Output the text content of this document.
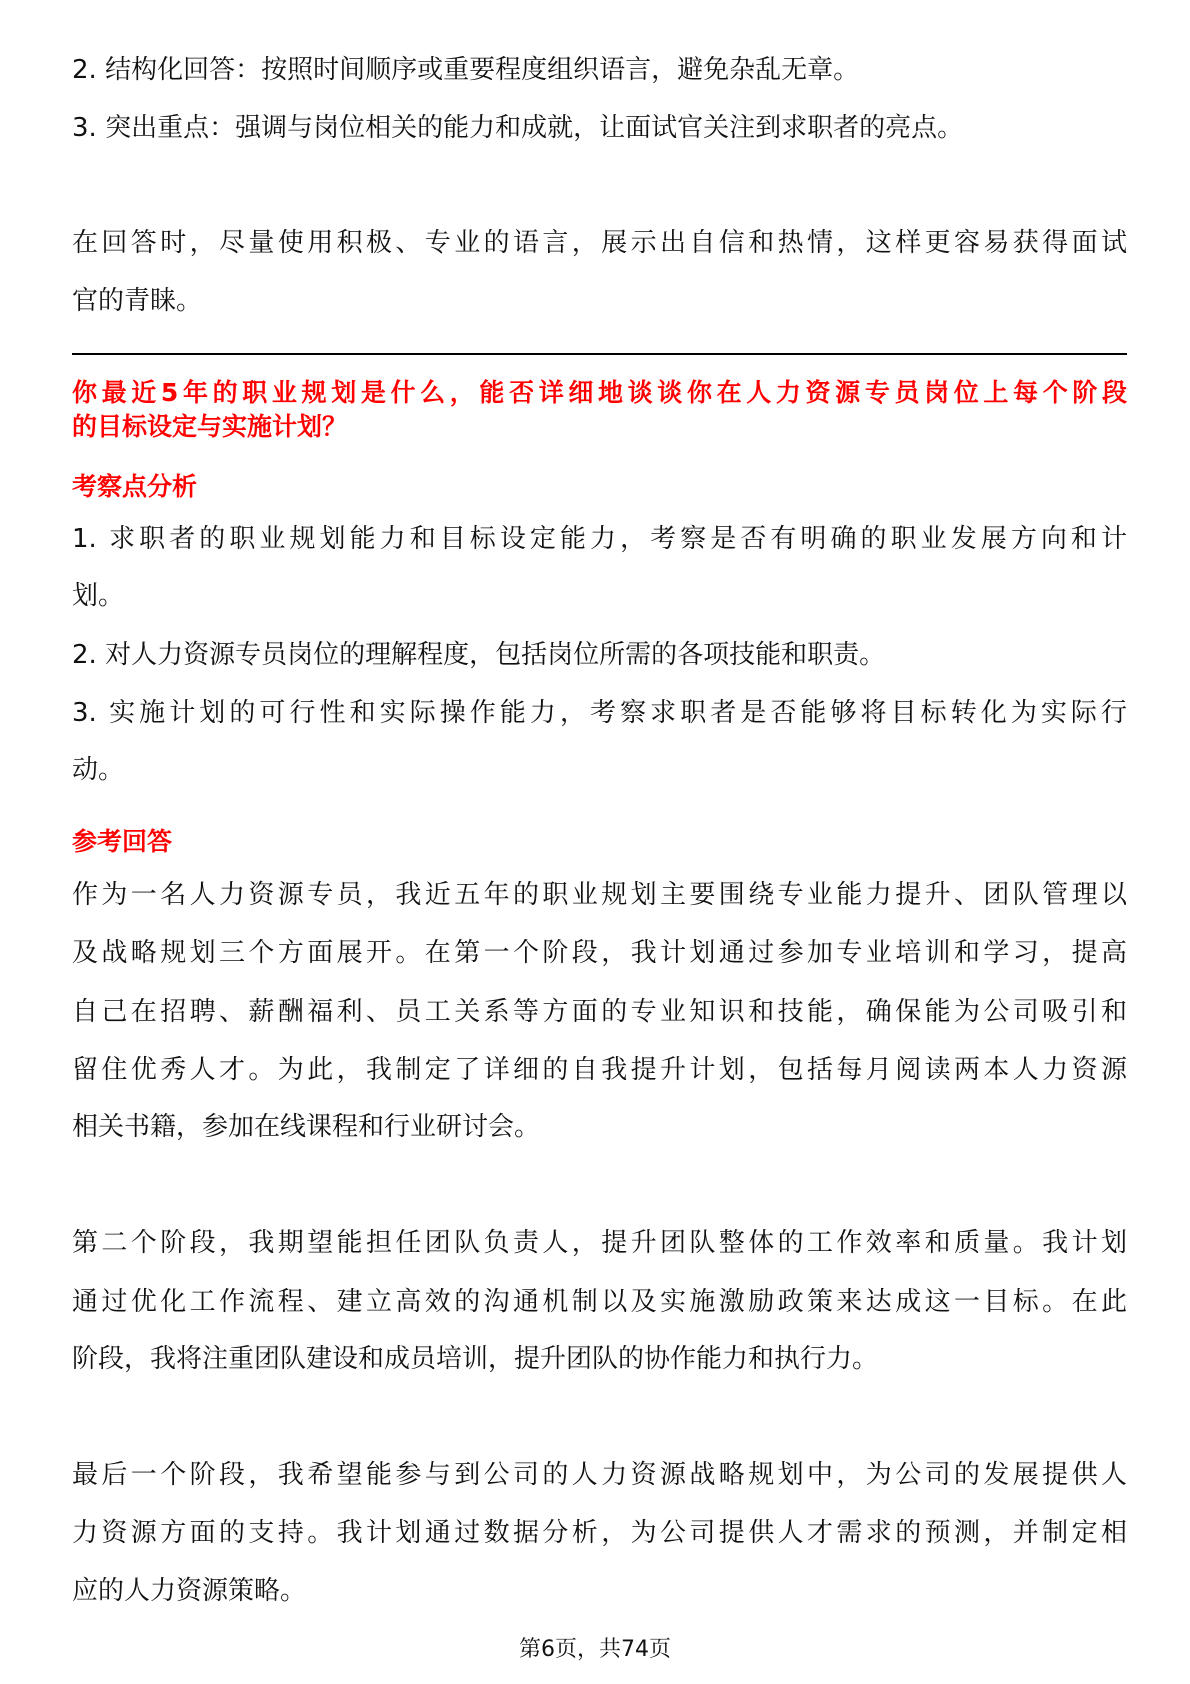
2. 结构化回答：按照时间顺序或重要程度组织语言，避免杂乱无章。
3. 突出重点：强调与岗位相关的能力和成就，让面试官关注到求职者的亮点。
在回答时，尽量使用积极、专业的语言，展示出自信和热情，这样更容易获得面试
官的青睐。
你最近5年的职业规划是什么，能否详细地谈谈你在人力资源专员岗位上每个阶段
的目标设定与实施计划？
考察点分析
1. 求职者的职业规划能力和目标设定能力，考察是否有明确的职业发展方向和计
划。
2. 对人力资源专员岗位的理解程度，包括岗位所需的各项技能和职责。
3. 实施计划的可行性和实际操作能力，考察求职者是否能够将目标转化为实际行
动。
参考回答
作为一名人力资源专员，我近五年的职业规划主要围绕专业能力提升、团队管理以
及战略规划三个方面展开。在第一个阶段，我计划通过参加专业培训和学习，提高
自己在招聘、薪酬福利、员工关系等方面的专业知识和技能，确保能为公司吸引和
留住优秀人才。为此，我制定了详细的自我提升计划，包括每月阅读两本人力资源
相关书籍，参加在线课程和行业研讨会。
第二个阶段，我期望能担任团队负责人，提升团队整体的工作效率和质量。我计划
通过优化工作流程、建立高效的沟通机制以及实施激励政策来达成这一目标。在此
阶段，我将注重团队建设和成员培训，提升团队的协作能力和执行力。
最后一个阶段，我希望能参与到公司的人力资源战略规划中，为公司的发展提供人
力资源方面的支持。我计划通过数据分析，为公司提供人才需求的预测，并制定相
应的人力资源策略。
第6页，共74页
